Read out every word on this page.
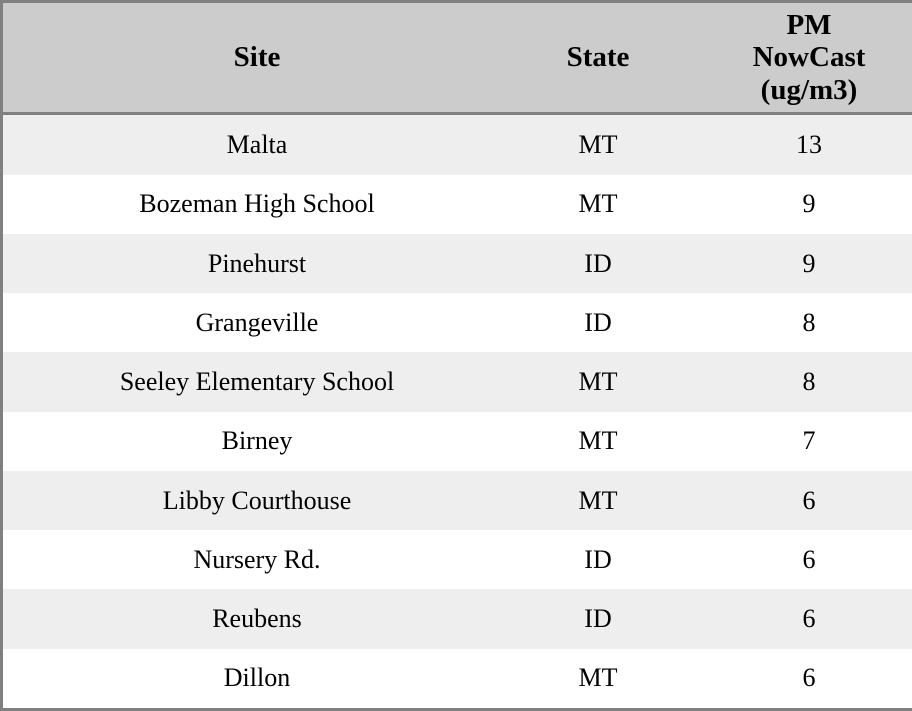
Site	State	PM
NowCast
(ug/m3)

Malta	MT	13
Bozeman High School	MT	9
Pinehurst	ID	9
Grangeville	ID	8
Seeley Elementary School	MT	8
Birney	MT	7
Libby Courthouse	MT	6
Nursery Rd.	ID	6
Reubens	ID	6
Dillon	MT	6
